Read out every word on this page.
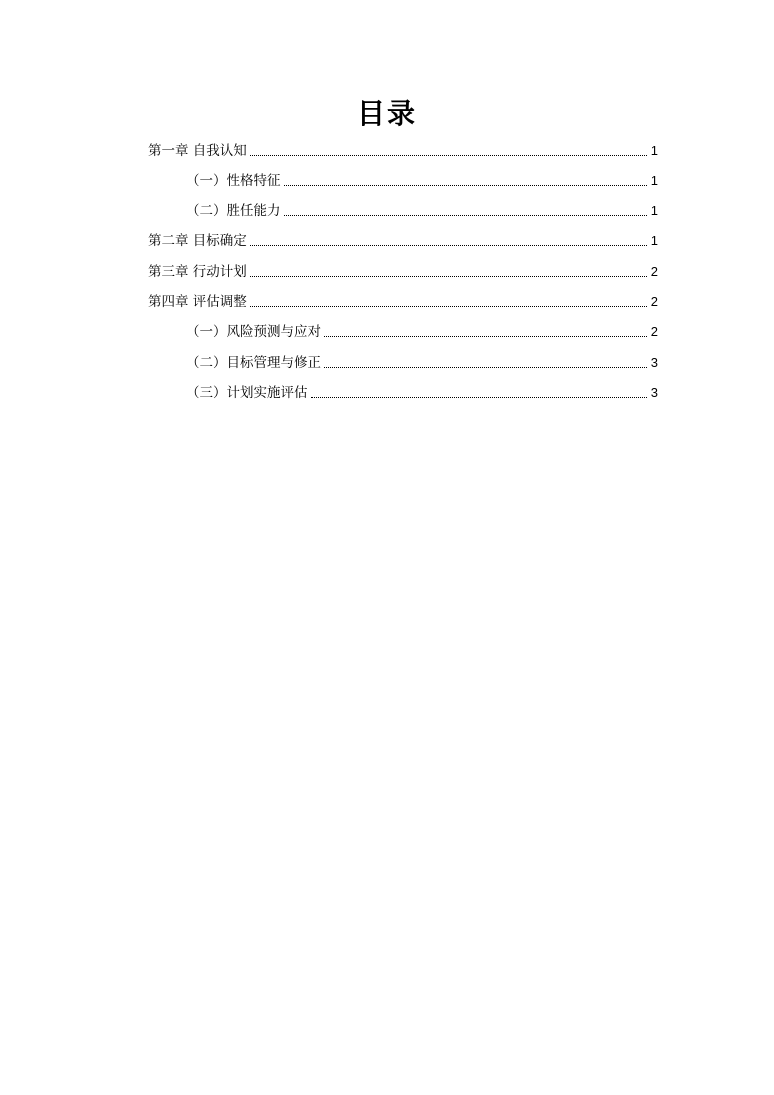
目录
第一章 自我认知	1
（一）性格特征	1
（二）胜任能力	1
第二章 目标确定	1
第三章 行动计划	2
第四章 评估调整	2
（一）风险预测与应对	2
（二）目标管理与修正	3
（三）计划实施评估	3
